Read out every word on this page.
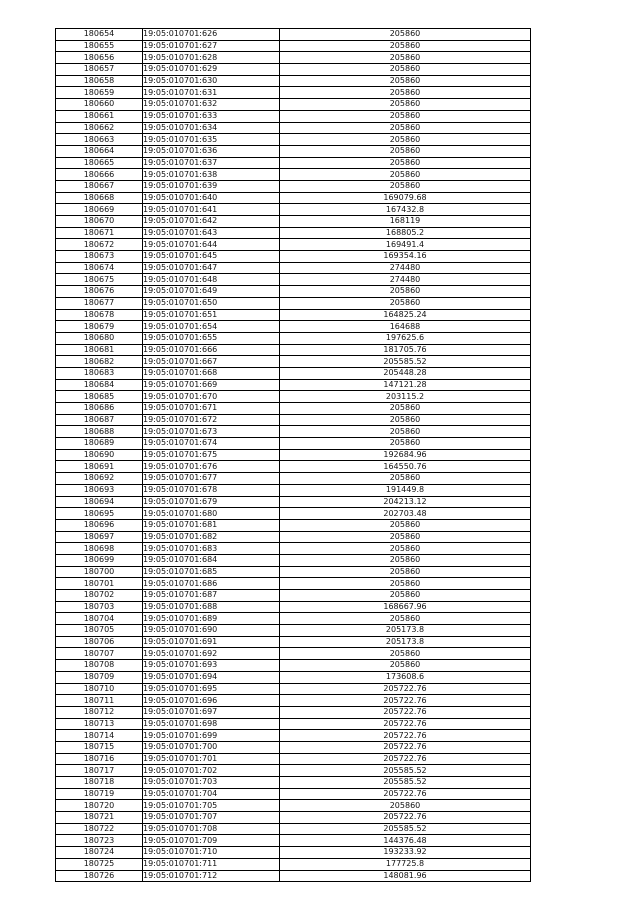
180654	19:05:010701:626	205860
180655	19:05:010701:627	205860
180656	19:05:010701:628	205860
180657	19:05:010701:629	205860
180658	19:05:010701:630	205860
180659	19:05:010701:631	205860
180660	19:05:010701:632	205860
180661	19:05:010701:633	205860
180662	19:05:010701:634	205860
180663	19:05:010701:635	205860
180664	19:05:010701:636	205860
180665	19:05:010701:637	205860
180666	19:05:010701:638	205860
180667	19:05:010701:639	205860
180668	19:05:010701:640	169079.68
180669	19:05:010701:641	167432.8
180670	19:05:010701:642	168119
180671	19:05:010701:643	168805.2
180672	19:05:010701:644	169491.4
180673	19:05:010701:645	169354.16
180674	19:05:010701:647	274480
180675	19:05:010701:648	274480
180676	19:05:010701:649	205860
180677	19:05:010701:650	205860
180678	19:05:010701:651	164825.24
180679	19:05:010701:654	164688
180680	19:05:010701:655	197625.6
180681	19:05:010701:666	181705.76
180682	19:05:010701:667	205585.52
180683	19:05:010701:668	205448.28
180684	19:05:010701:669	147121.28
180685	19:05:010701:670	203115.2
180686	19:05:010701:671	205860
180687	19:05:010701:672	205860
180688	19:05:010701:673	205860
180689	19:05:010701:674	205860
180690	19:05:010701:675	192684.96
180691	19:05:010701:676	164550.76
180692	19:05:010701:677	205860
180693	19:05:010701:678	191449.8
180694	19:05:010701:679	204213.12
180695	19:05:010701:680	202703.48
180696	19:05:010701:681	205860
180697	19:05:010701:682	205860
180698	19:05:010701:683	205860
180699	19:05:010701:684	205860
180700	19:05:010701:685	205860
180701	19:05:010701:686	205860
180702	19:05:010701:687	205860
180703	19:05:010701:688	168667.96
180704	19:05:010701:689	205860
180705	19:05:010701:690	205173.8
180706	19:05:010701:691	205173.8
180707	19:05:010701:692	205860
180708	19:05:010701:693	205860
180709	19:05:010701:694	173608.6
180710	19:05:010701:695	205722.76
180711	19:05:010701:696	205722.76
180712	19:05:010701:697	205722.76
180713	19:05:010701:698	205722.76
180714	19:05:010701:699	205722.76
180715	19:05:010701:700	205722.76
180716	19:05:010701:701	205722.76
180717	19:05:010701:702	205585.52
180718	19:05:010701:703	205585.52
180719	19:05:010701:704	205722.76
180720	19:05:010701:705	205860
180721	19:05:010701:707	205722.76
180722	19:05:010701:708	205585.52
180723	19:05:010701:709	144376.48
180724	19:05:010701:710	193233.92
180725	19:05:010701:711	177725.8
180726	19:05:010701:712	148081.96
